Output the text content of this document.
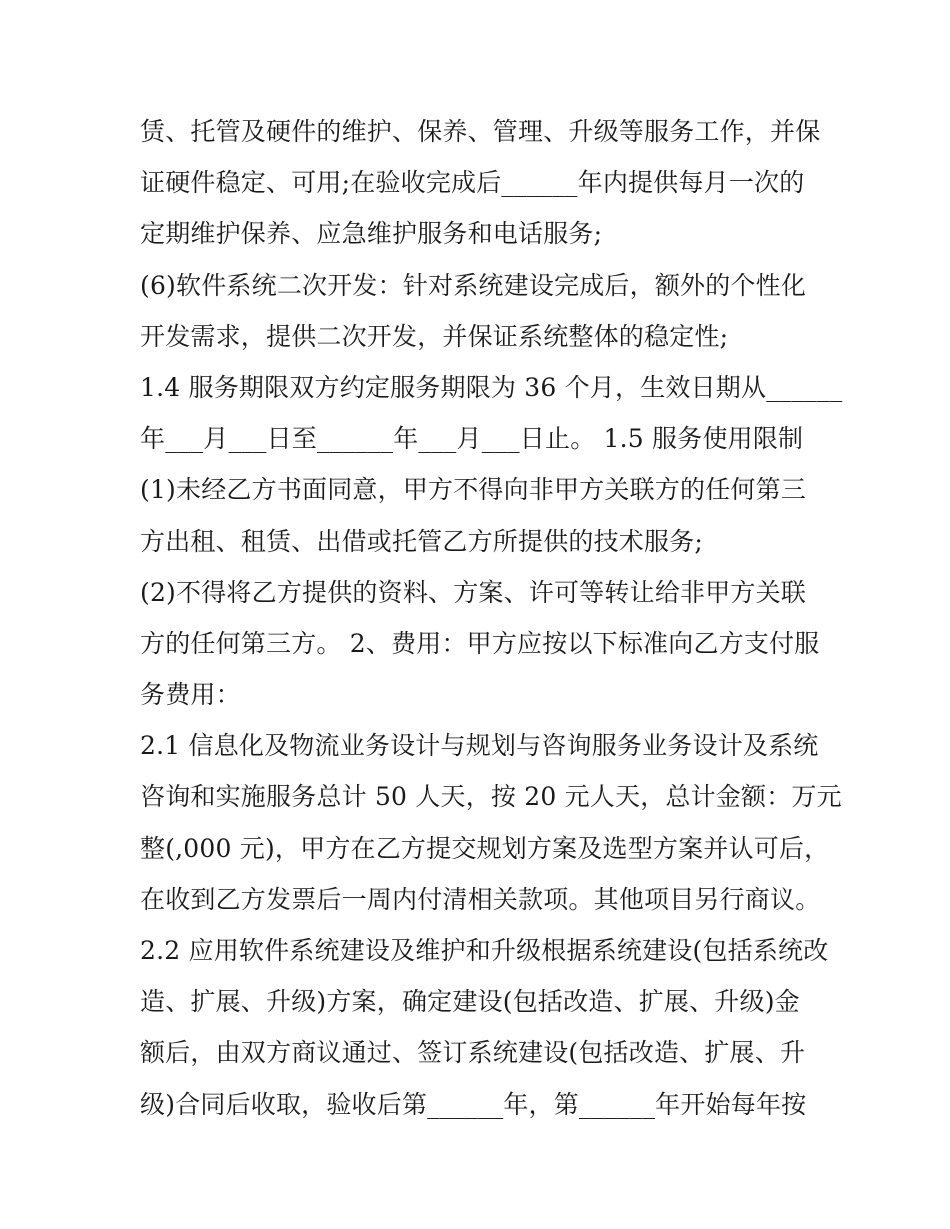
赁、托管及硬件的维护、保养、管理、升级等服务工作，并保
证硬件稳定、可用;在验收完成后______年内提供每月一次的
定期维护保养、应急维护服务和电话服务;
(6)软件系统二次开发：针对系统建设完成后，额外的个性化
开发需求，提供二次开发，并保证系统整体的稳定性;
1.4 服务期限双方约定服务期限为 36 个月，生效日期从______
年___月___日至______年___月___日止。 1.5 服务使用限制
(1)未经乙方书面同意，甲方不得向非甲方关联方的任何第三
方出租、租赁、出借或托管乙方所提供的技术服务;
(2)不得将乙方提供的资料、方案、许可等转让给非甲方关联
方的任何第三方。 2、费用：甲方应按以下标准向乙方支付服
务费用：
2.1 信息化及物流业务设计与规划与咨询服务业务设计及系统
咨询和实施服务总计 50 人天，按 20 元人天，总计金额：万元
整(,000 元)，甲方在乙方提交规划方案及选型方案并认可后，
在收到乙方发票后一周内付清相关款项。其他项目另行商议。
2.2 应用软件系统建设及维护和升级根据系统建设(包括系统改
造、扩展、升级)方案，确定建设(包括改造、扩展、升级)金
额后，由双方商议通过、签订系统建设(包括改造、扩展、升
级)合同后收取，验收后第______年，第______年开始每年按
